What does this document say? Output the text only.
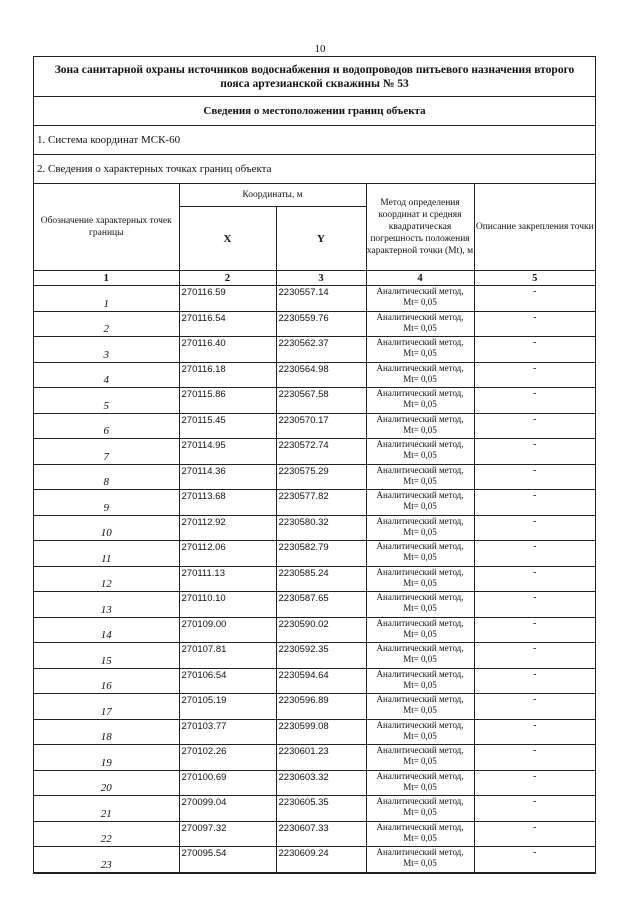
10
Зона санитарной охраны источников водоснабжения и водопроводов питьевого назначения второго пояса артезианской скважины № 53
Сведения о местоположении границ объекта
1. Система координат МСК-60
2. Сведения о характерных точках границ объекта
Обозначение характерных точек границы	Координаты, м		Метод определения координат и средняя квадратическая погрешность положения характерной точки (Mt), м	Описание закрепления точки
	X	Y		
1	2	3	4	5

1	270116.59	2230557.14	Аналитический метод,
Mt= 0,05	-

2	270116.54	2230559.76	Аналитический метод,
Mt= 0,05	-

3	270116.40	2230562.37	Аналитический метод,
Mt= 0,05	-

4	270116.18	2230564.98	Аналитический метод,
Mt= 0,05	-

5	270115.86	2230567.58	Аналитический метод,
Mt= 0,05	-

6	270115.45	2230570.17	Аналитический метод,
Mt= 0,05	-

7	270114.95	2230572.74	Аналитический метод,
Mt= 0,05	-

8	270114.36	2230575.29	Аналитический метод,
Mt= 0,05	-

9	270113.68	2230577.82	Аналитический метод,
Mt= 0,05	-

10	270112.92	2230580.32	Аналитический метод,
Mt= 0,05	-

11	270112.06	2230582.79	Аналитический метод,
Mt= 0,05	-

12	270111.13	2230585.24	Аналитический метод,
Mt= 0,05	-

13	270110.10	2230587.65	Аналитический метод,
Mt= 0,05	-

14	270109.00	2230590.02	Аналитический метод,
Mt= 0,05	-

15	270107.81	2230592.35	Аналитический метод,
Mt= 0,05	-

16	270106.54	2230594.64	Аналитический метод,
Mt= 0,05	-

17	270105.19	2230596.89	Аналитический метод,
Mt= 0,05	-

18	270103.77	2230599.08	Аналитический метод,
Mt= 0,05	-

19	270102.26	2230601.23	Аналитический метод,
Mt= 0,05	-

20	270100.69	2230603.32	Аналитический метод,
Mt= 0,05	-

21	270099.04	2230605.35	Аналитический метод,
Mt= 0,05	-

22	270097.32	2230607.33	Аналитический метод,
Mt= 0,05	-

23	270095.54	2230609.24	Аналитический метод,
Mt= 0,05	-
